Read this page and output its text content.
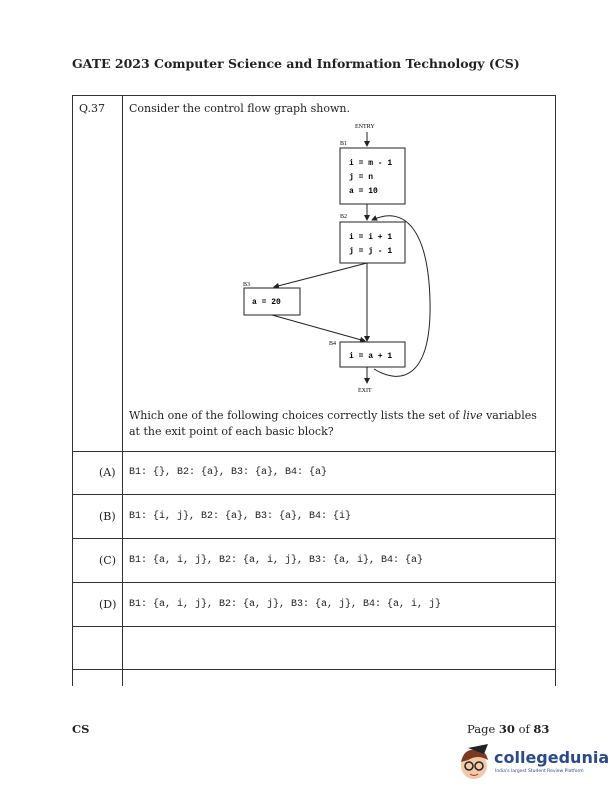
GATE 2023 Computer Science and Information Technology (CS)
Q.37 Consider the control flow graph shown.
Which one of the following choices correctly lists the set of live variables at the exit point of each basic block?
(A) B1: {}, B2: {a}, B3: {a}, B4: {a}
(B) B1: {i, j}, B2: {a}, B3: {a}, B4: {i}
(C) B1: {a, i, j}, B2: {a, i, j}, B3: {a, i}, B4: {a}
(D) B1: {a, i, j}, B2: {a, j}, B3: {a, j}, B4: {a, i, j}
ENTRY
B1
i = m - 1
j = n
a = 10
B2
i = i + 1
j = j - 1
B3
a = 20
B4
i = a + 1
EXIT
CS	Page 30 of 83
collegedunia
India's largest Student Review Platform
